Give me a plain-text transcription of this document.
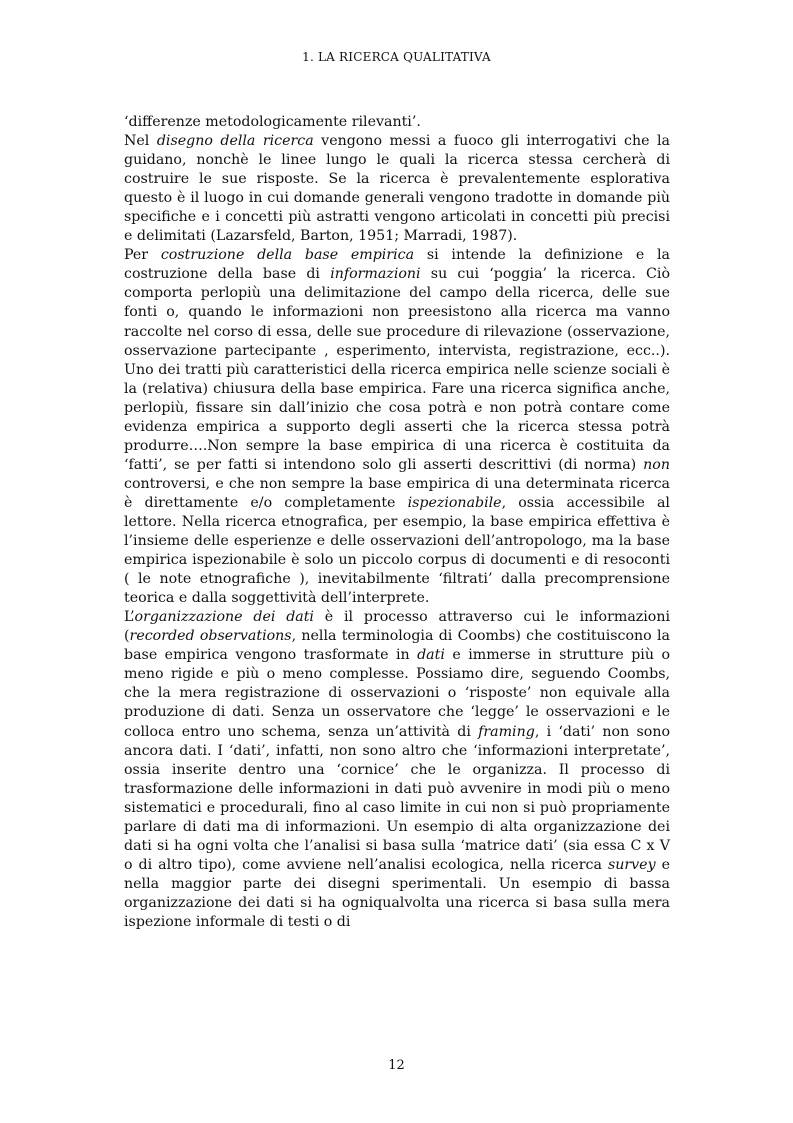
1. LA RICERCA QUALITATIVA

‘differenze metodologicamente rilevanti’.

Nel disegno della ricerca vengono messi a fuoco gli interrogativi che la guidano, nonchè le linee lungo le quali la ricerca stessa cercherà di costruire le sue risposte. Se la ricerca è prevalentemente esplorativa questo è il luogo in cui domande generali vengono tradotte in domande più specifiche e i concetti più astratti vengono articolati in concetti più precisi e delimitati (Lazarsfeld, Barton, 1951; Marradi, 1987).

Per costruzione della base empirica si intende la definizione e la costruzione della base di informazioni su cui ‘poggia’ la ricerca. Ciò comporta perlopiù una delimitazione del campo della ricerca, delle sue fonti o, quando le informazioni non preesistono alla ricerca ma vanno raccolte nel corso di essa, delle sue procedure di rilevazione (osservazione, osservazione partecipante , esperimento, intervista, registrazione, ecc..). Uno dei tratti più caratteristici della ricerca empirica nelle scienze sociali è la (relativa) chiusura della base empirica. Fare una ricerca significa anche, perlopiù, fissare sin dall’inizio che cosa potrà e non potrà contare come evidenza empirica a supporto degli asserti che la ricerca stessa potrà produrre….Non sempre la base empirica di una ricerca è costituita da ‘fatti’, se per fatti si intendono solo gli asserti descrittivi (di norma) non controversi, e che non sempre la base empirica di una determinata ricerca è direttamente e/o completamente ispezionabile, ossia accessibile al lettore. Nella ricerca etnografica, per esempio, la base empirica effettiva è l’insieme delle esperienze e delle osservazioni dell’antropologo, ma la base empirica ispezionabile è solo un piccolo corpus di documenti e di resoconti ( le note etnografiche ), inevitabilmente ‘filtrati’ dalla precomprensione teorica e dalla soggettività dell’interprete.

L’organizzazione dei dati è il processo attraverso cui le informazioni (recorded observations, nella terminologia di Coombs) che costituiscono la base empirica vengono trasformate in dati e immerse in strutture più o meno rigide e più o meno complesse. Possiamo dire, seguendo Coombs, che la mera registrazione di osservazioni o ‘risposte’ non equivale alla produzione di dati. Senza un osservatore che ‘legge’ le osservazioni e le colloca entro uno schema, senza un’attività di framing, i ‘dati’ non sono ancora dati. I ‘dati’, infatti, non sono altro che ‘informazioni interpretate’, ossia inserite dentro una ‘cornice’ che le organizza. Il processo di trasformazione delle informazioni in dati può avvenire in modi più o meno sistematici e procedurali, fino al caso limite in cui non si può propriamente parlare di dati ma di informazioni. Un esempio di alta organizzazione dei dati si ha ogni volta che l’analisi si basa sulla ‘matrice dati’ (sia essa C x V o di altro tipo), come avviene nell’analisi ecologica, nella ricerca survey e nella maggior parte dei disegni sperimentali. Un esempio di bassa organizzazione dei dati si ha ogniqualvolta una ricerca si basa sulla mera ispezione informale di testi o di

12
